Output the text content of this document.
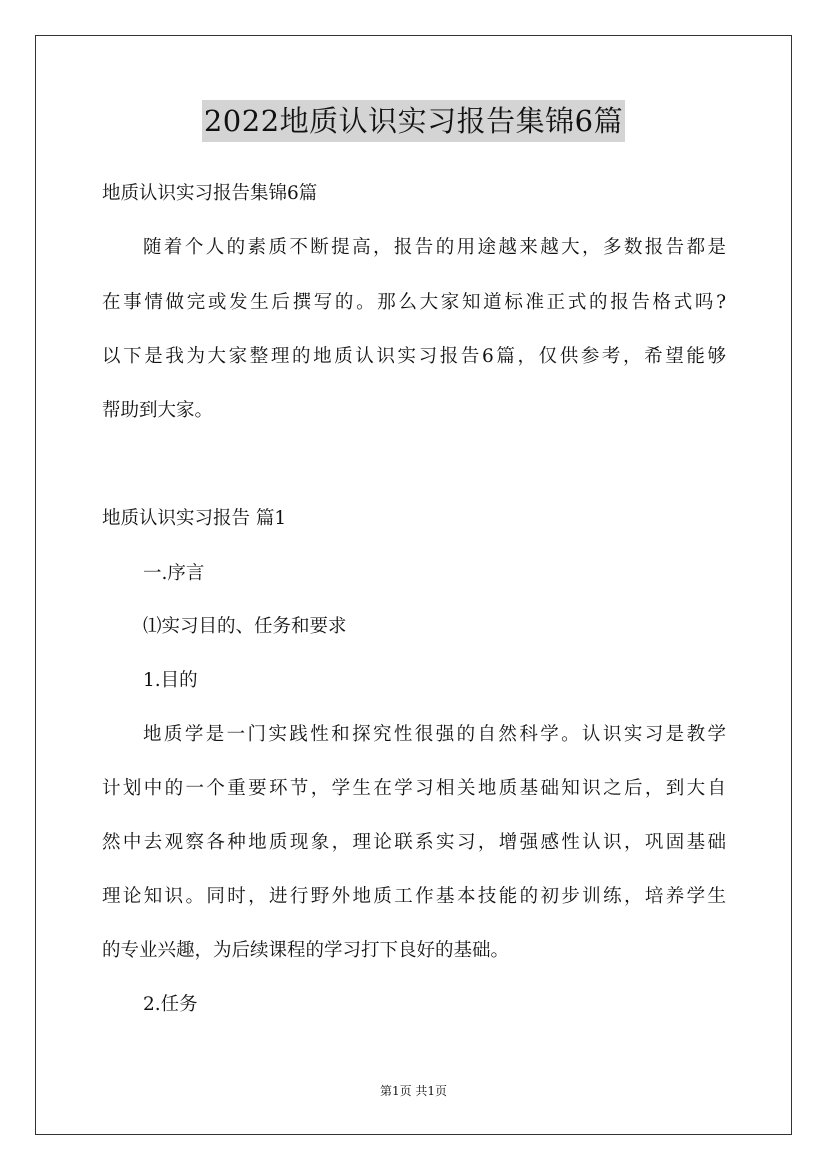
2022地质认识实习报告集锦6篇
地质认识实习报告集锦6篇
随着个人的素质不断提高，报告的用途越来越大，多数报告都是
在事情做完或发生后撰写的。那么大家知道标准正式的报告格式吗?
以下是我为大家整理的地质认识实习报告6篇，仅供参考，希望能够
帮助到大家。
地质认识实习报告 篇1
一.序言
⑴实习目的、任务和要求
1.目的
地质学是一门实践性和探究性很强的自然科学。认识实习是教学
计划中的一个重要环节，学生在学习相关地质基础知识之后，到大自
然中去观察各种地质现象，理论联系实习，增强感性认识，巩固基础
理论知识。同时，进行野外地质工作基本技能的初步训练，培养学生
的专业兴趣，为后续课程的学习打下良好的基础。
2.任务
第1页 共1页
